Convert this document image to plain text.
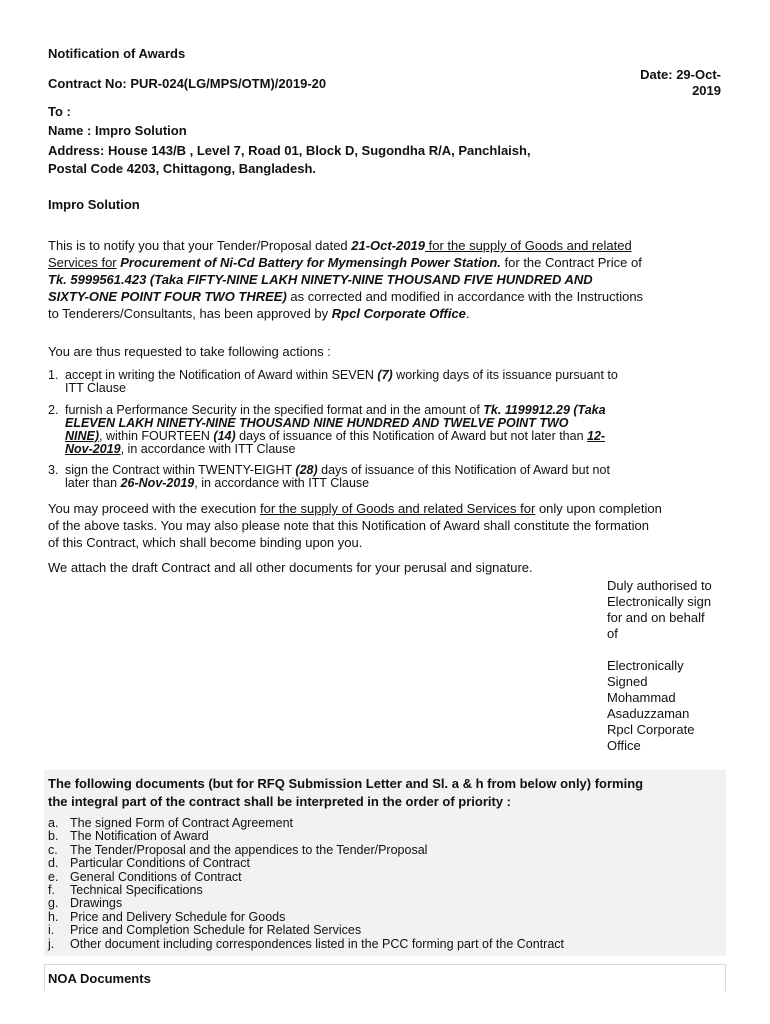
Notification of Awards
Contract No: PUR-024(LG/MPS/OTM)/2019-20
Date: 29-Oct-
2019
To :
Name : Impro Solution
Address: House 143/B , Level 7, Road 01, Block D, Sugondha R/A, Panchlaish,
Postal Code 4203, Chittagong, Bangladesh.
Impro Solution
This is to notify you that your Tender/Proposal dated 21-Oct-2019 for the supply of Goods and related
Services for Procurement of Ni-Cd Battery for Mymensingh Power Station. for the Contract Price of
Tk. 5999561.423 (Taka FIFTY-NINE LAKH NINETY-NINE THOUSAND FIVE HUNDRED AND
SIXTY-ONE POINT FOUR TWO THREE) as corrected and modified in accordance with the Instructions
to Tenderers/Consultants, has been approved by Rpcl Corporate Office.
You are thus requested to take following actions :
1. accept in writing the Notification of Award within SEVEN (7) working days of its issuance pursuant to
ITT Clause
2. furnish a Performance Security in the specified format and in the amount of Tk. 1199912.29 (Taka
ELEVEN LAKH NINETY-NINE THOUSAND NINE HUNDRED AND TWELVE POINT TWO
NINE), within FOURTEEN (14) days of issuance of this Notification of Award but not later than 12-
Nov-2019, in accordance with ITT Clause
3. sign the Contract within TWENTY-EIGHT (28) days of issuance of this Notification of Award but not
later than 26-Nov-2019, in accordance with ITT Clause
You may proceed with the execution for the supply of Goods and related Services for only upon completion
of the above tasks. You may also please note that this Notification of Award shall constitute the formation
of this Contract, which shall become binding upon you.
We attach the draft Contract and all other documents for your perusal and signature.
Duly authorised to
Electronically sign
for and on behalf
of
Electronically
Signed
Mohammad
Asaduzzaman
Rpcl Corporate
Office
The following documents (but for RFQ Submission Letter and Sl. a & h from below only) forming
the integral part of the contract shall be interpreted in the order of priority :
a. The signed Form of Contract Agreement
b. The Notification of Award
c. The Tender/Proposal and the appendices to the Tender/Proposal
d. Particular Conditions of Contract
e. General Conditions of Contract
f. Technical Specifications
g. Drawings
h. Price and Delivery Schedule for Goods
i. Price and Completion Schedule for Related Services
j. Other document including correspondences listed in the PCC forming part of the Contract
NOA Documents
